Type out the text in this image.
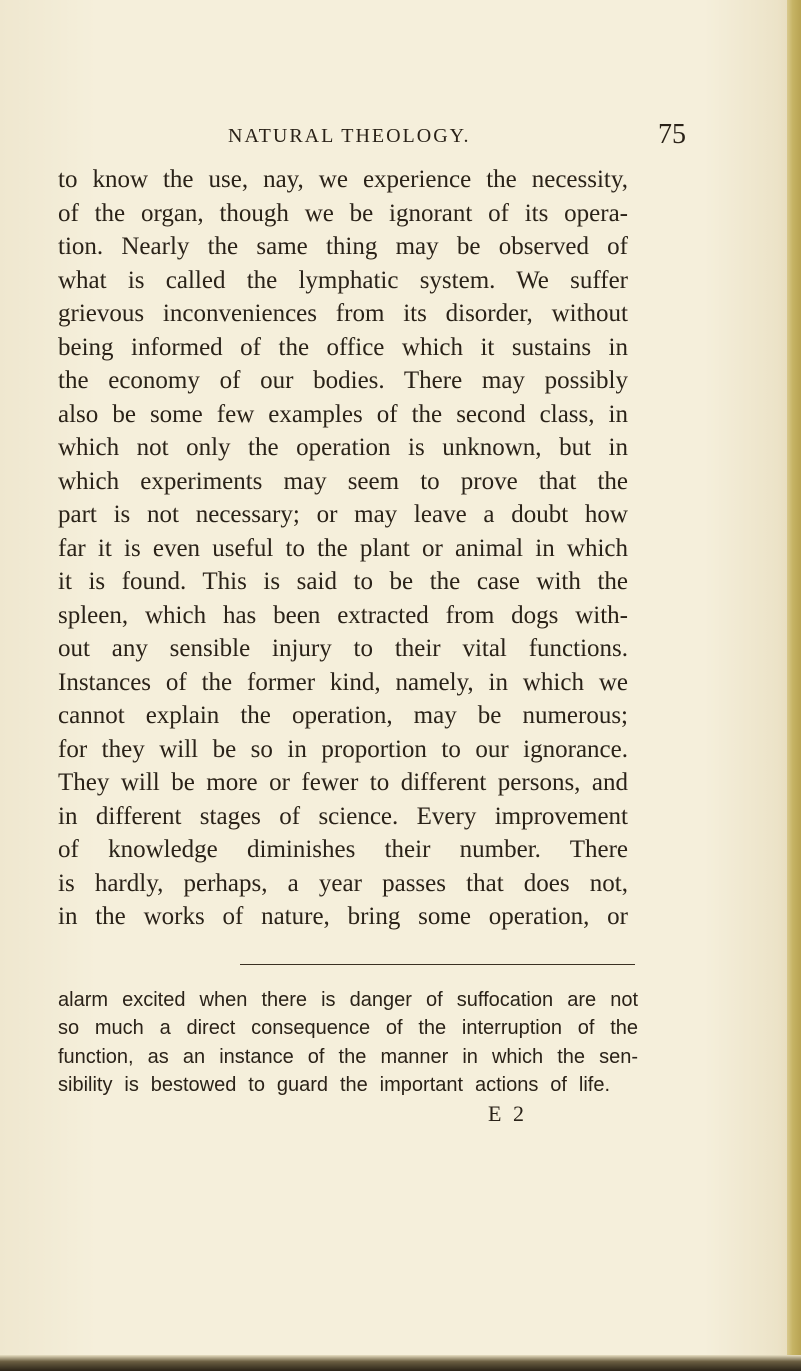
NATURAL THEOLOGY.	75
to know the use, nay, we experience the necessity,
of the organ, though we be ignorant of its opera-
tion. Nearly the same thing may be observed of
what is called the lymphatic system. We suffer
grievous inconveniences from its disorder, without
being informed of the office which it sustains in
the economy of our bodies. There may possibly
also be some few examples of the second class, in
which not only the operation is unknown, but in
which experiments may seem to prove that the
part is not necessary; or may leave a doubt how
far it is even useful to the plant or animal in which
it is found. This is said to be the case with the
spleen, which has been extracted from dogs with-
out any sensible injury to their vital functions.
Instances of the former kind, namely, in which we
cannot explain the operation, may be numerous;
for they will be so in proportion to our ignorance.
They will be more or fewer to different persons, and
in different stages of science. Every improvement
of knowledge diminishes their number. There
is hardly, perhaps, a year passes that does not,
in the works of nature, bring some operation, or
alarm excited when there is danger of suffocation are not
so much a direct consequence of the interruption of the
function, as an instance of the manner in which the sen-
sibility is bestowed to guard the important actions of life.
E 2
